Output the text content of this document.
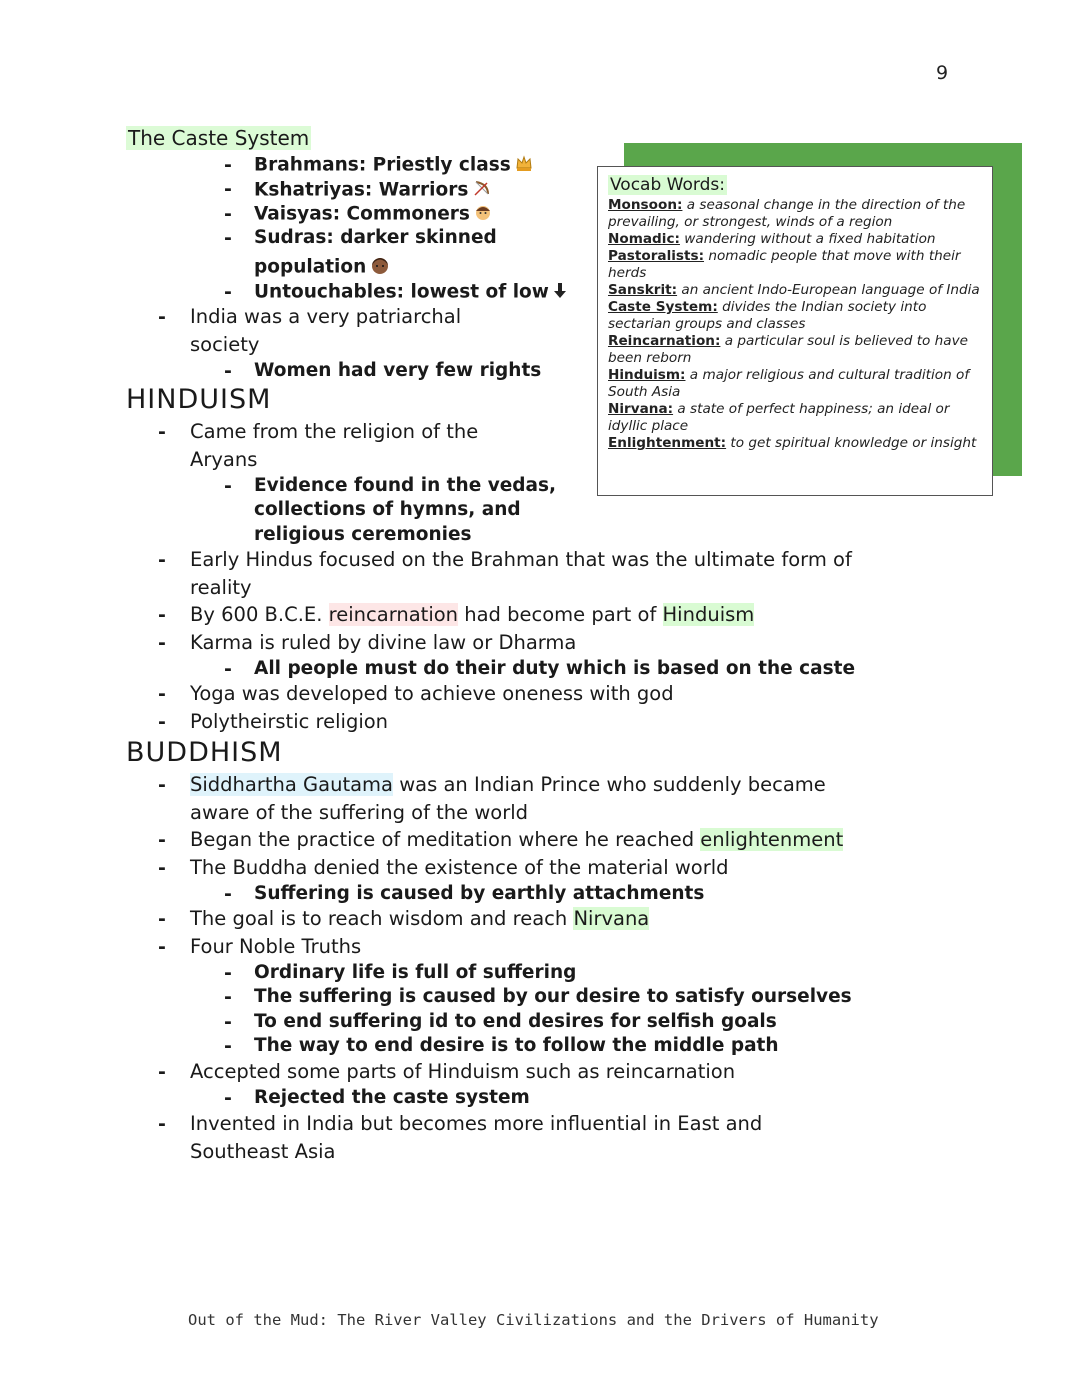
9
The Caste System
- Brahmans: Priestly class
- Kshatriyas: Warriors
- Vaisyas: Commoners
- Sudras: darker skinned
population
- Untouchables: lowest of low
- India was a very patriarchal
society
- Women had very few rights
HINDUISM
- Came from the religion of the
Aryans
- Evidence found in the vedas,
collections of hymns, and
religious ceremonies
- Early Hindus focused on the Brahman that was the ultimate form of
reality
- By 600 B.C.E. reincarnation had become part of Hinduism
- Karma is ruled by divine law or Dharma
- All people must do their duty which is based on the caste
- Yoga was developed to achieve oneness with god
- Polytheirstic religion
BUDDHISM
- Siddhartha Gautama was an Indian Prince who suddenly became
aware of the suffering of the world
- Began the practice of meditation where he reached enlightenment
- The Buddha denied the existence of the material world
- Suffering is caused by earthly attachments
- The goal is to reach wisdom and reach Nirvana
- Four Noble Truths
- Ordinary life is full of suffering
- The suffering is caused by our desire to satisfy ourselves
- To end suffering id to end desires for selfish goals
- The way to end desire is to follow the middle path
- Accepted some parts of Hinduism such as reincarnation
- Rejected the caste system
- Invented in India but becomes more influential in East and
Southeast Asia
Vocab Words:
Monsoon: a seasonal change in the direction of the prevailing, or strongest, winds of a region
Nomadic: wandering without a fixed habitation
Pastoralists: nomadic people that move with their herds
Sanskrit: an ancient Indo-European language of India
Caste System: divides the Indian society into sectarian groups and classes
Reincarnation: a particular soul is believed to have been reborn
Hinduism: a major religious and cultural tradition of South Asia
Nirvana: a state of perfect happiness; an ideal or idyllic place
Enlightenment: to get spiritual knowledge or insight
Out of the Mud: The River Valley Civilizations and the Drivers of Humanity
